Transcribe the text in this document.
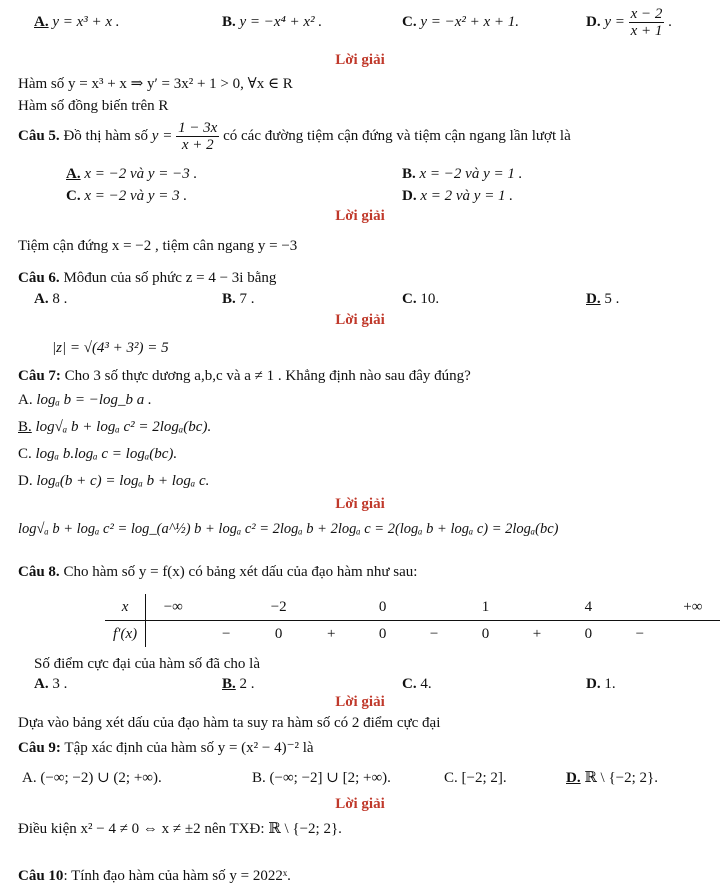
A. y = x³ + x .	B. y = −x⁴ + x² .	C. y = −x² + x + 1.	D. $y = \frac{x - 2}{x + 1}$ .
Lời giải
Hàm số y = x³ + x ⇒ y′ = 3x² + 1 > 0, ∀x ∈ R
Hàm số đồng biến trên R
Câu 5. Đồ thị hàm số $y = \frac{1 - 3x}{x + 2}$ có các đường tiệm cận đứng và tiệm cận ngang lần lượt là
A. x = −2 và y = −3 .	B. x = −2 và y = 1 .
C. x = −2 và y = 3 .	D. x = 2 và y = 1 .
Lời giải
Tiệm cận đứng x = −2 , tiệm cân ngang y = −3
Câu 6. Môđun của số phức z = 4 − 3i bằng
A. 8 .	B. 7 .	C. 10.	D. 5 .
Lời giải
|z| = √(4³ + 3²) = 5
Câu 7: Cho 3 số thực dương a,b,c và a ≠ 1 . Khẳng định nào sau đây đúng?
A. logₐ b = −log_b a .
B. log√ₐ b + logₐ c² = 2logₐ(bc).
C. logₐ b.logₐ c = logₐ(bc).
D. logₐ(b + c) = logₐ b + logₐ c.
Lời giải
log√ₐ b + logₐ c² = log_(a^½) b + logₐ c² = 2logₐ b + 2logₐ c = 2(logₐ b + logₐ c) = 2logₐ(bc)
Câu 8. Cho hàm số y = f(x) có bảng xét dấu của đạo hàm như sau:
x	−∞		−2		0		1		4		+∞
f′(x)		−	0	+	0	−	0	+	0	−	
Số điểm cực đại của hàm số đã cho là
A. 3 .	B. 2 .	C. 4.	D. 1.
Lời giải
Dựa vào bảng xét dấu của đạo hàm ta suy ra hàm số có 2 điểm cực đại
Câu 9: Tập xác định của hàm số y = (x² − 4)⁻² là
A. (−∞; −2) ∪ (2; +∞).	B. (−∞; −2] ∪ [2; +∞).	C. [−2; 2].	D. ℝ \ {−2; 2}.
Lời giải
Điều kiện x² − 4 ≠ 0 ⇔ x ≠ ±2 nên TXĐ: ℝ \ {−2; 2}.
Câu 10: Tính đạo hàm của hàm số y = 2022ˣ.
